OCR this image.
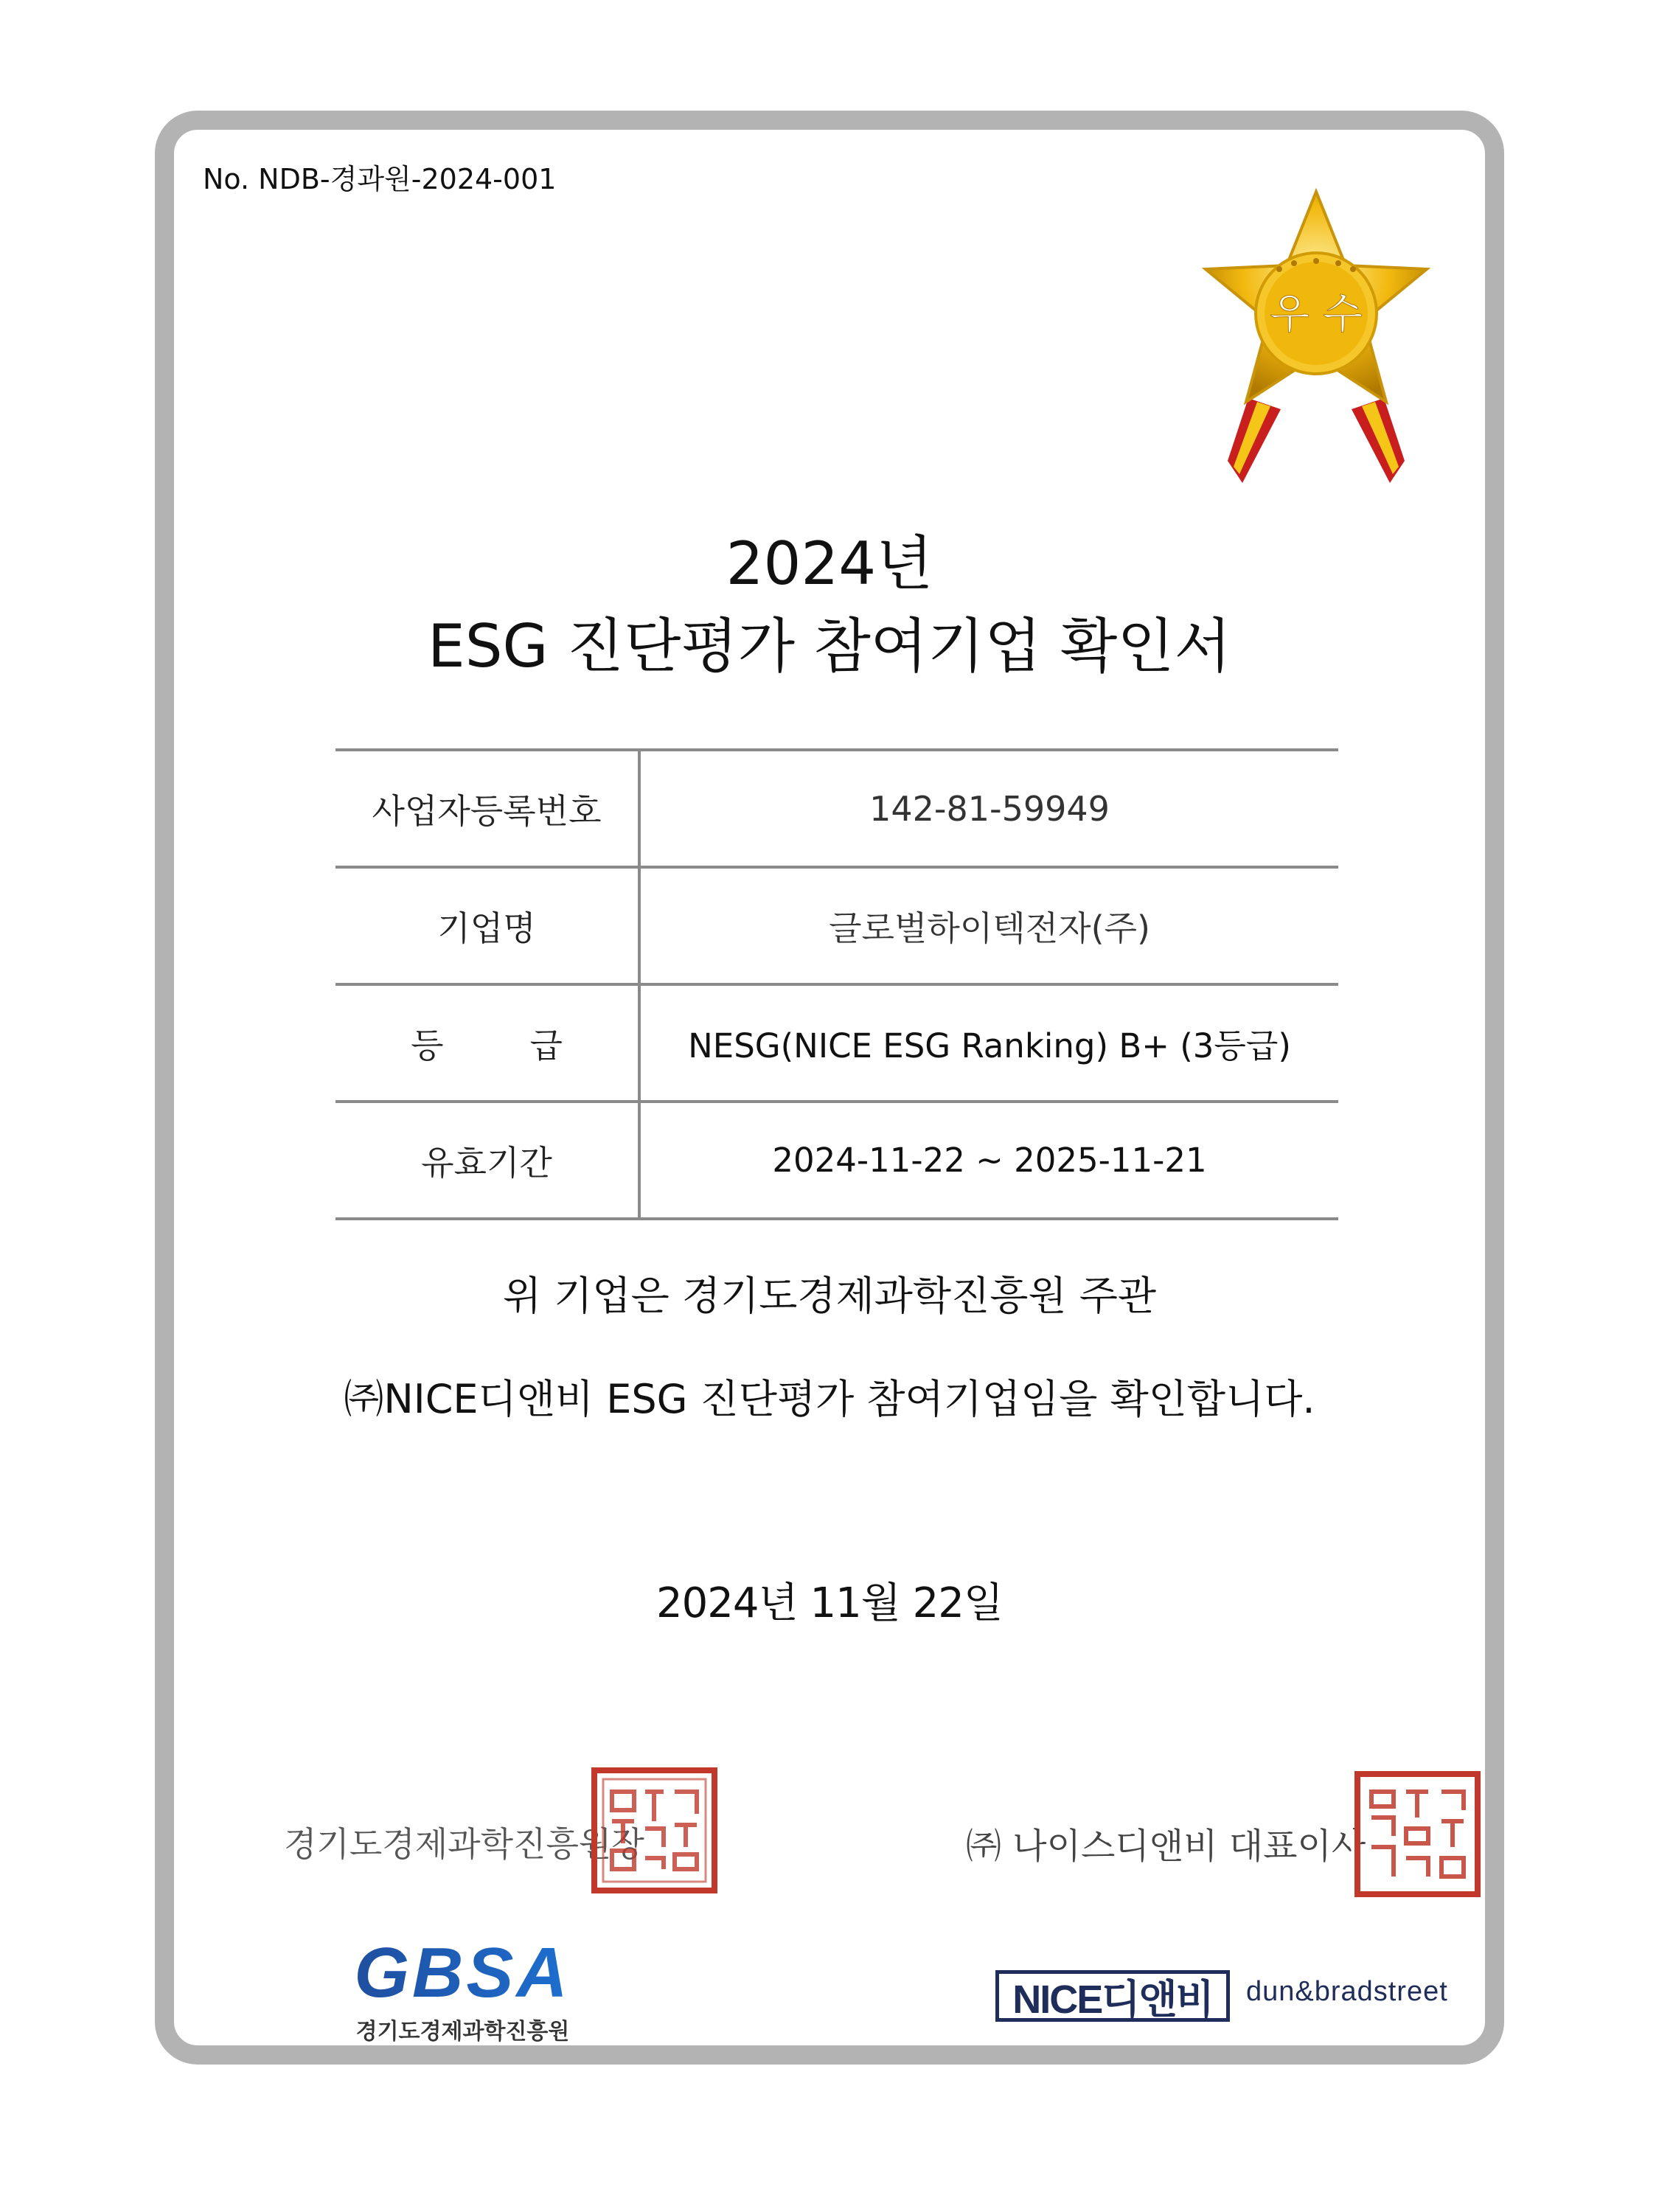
No. NDB-경과원-2024-001
우 수
2024년
ESG 진단평가 참여기업 확인서
사업자등록번호	142-81-59949
기업명	글로벌하이텍전자(주)
등        급	NESG(NICE ESG Ranking) B+ (3등급)
유효기간	2024-11-22 ~ 2025-11-21
위 기업은 경기도경제과학진흥원 주관
㈜NICE디앤비 ESG 진단평가 참여기업임을 확인합니다.
2024년 11월 22일
경기도경제과학진흥원장	㈜ 나이스디앤비 대표이사
GBSA
경기도경제과학진흥원
NICE디앤비	dun&bradstreet
